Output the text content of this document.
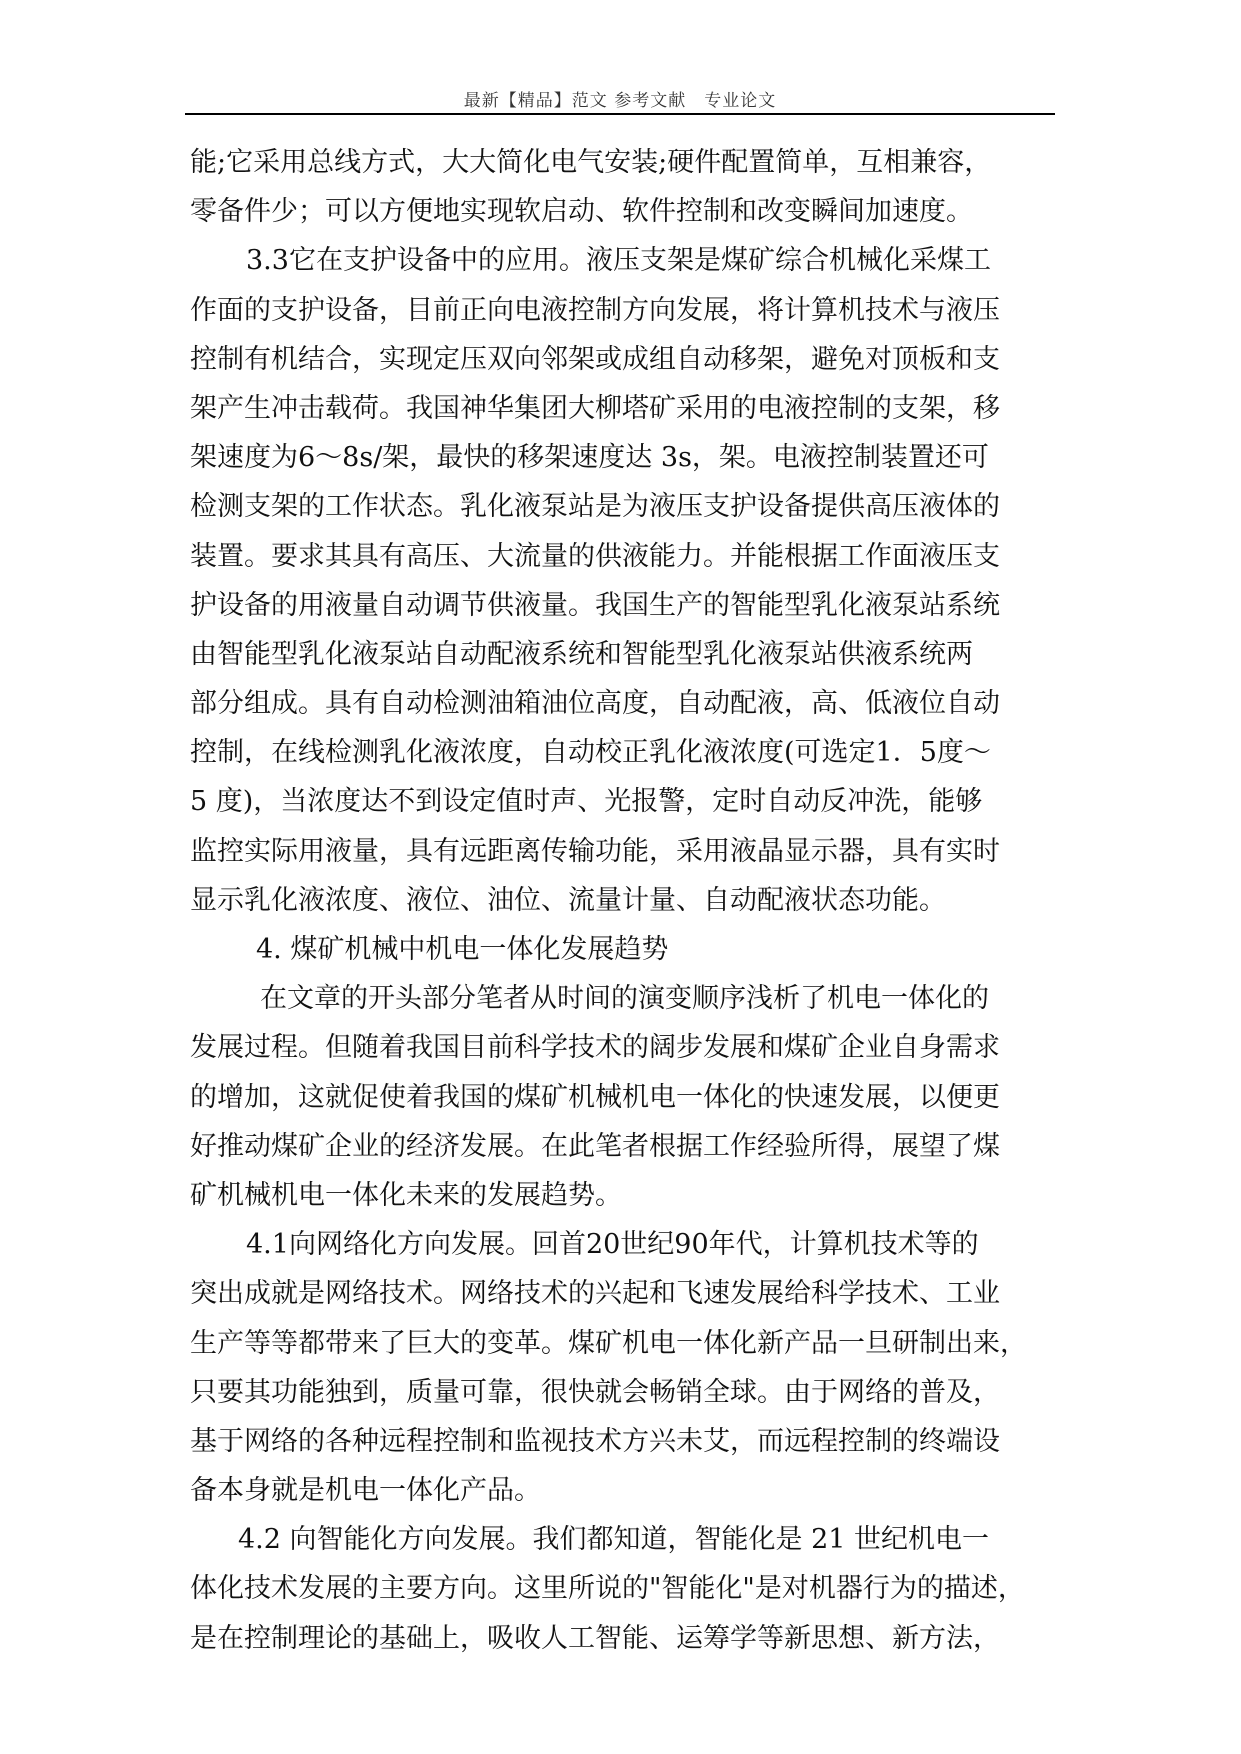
最新【精品】范文 参考文献　专业论文
能;它采用总线方式，大大简化电气安装;硬件配置简单，互相兼容，
零备件少；可以方便地实现软启动、软件控制和改变瞬间加速度。
3.3它在支护设备中的应用。液压支架是煤矿综合机械化采煤工
作面的支护设备，目前正向电液控制方向发展，将计算机技术与液压
控制有机结合，实现定压双向邻架或成组自动移架，避免对顶板和支
架产生冲击载荷。我国神华集团大柳塔矿采用的电液控制的支架，移
架速度为6～8s/架，最快的移架速度达 3s，架。电液控制装置还可
检测支架的工作状态。乳化液泵站是为液压支护设备提供高压液体的
装置。要求其具有高压、大流量的供液能力。并能根据工作面液压支
护设备的用液量自动调节供液量。我国生产的智能型乳化液泵站系统
由智能型乳化液泵站自动配液系统和智能型乳化液泵站供液系统两
部分组成。具有自动检测油箱油位高度，自动配液，高、低液位自动
控制，在线检测乳化液浓度，自动校正乳化液浓度(可选定1．5度～
5 度)，当浓度达不到设定值时声、光报警，定时自动反冲洗，能够
监控实际用液量，具有远距离传输功能，采用液晶显示器，具有实时
显示乳化液浓度、液位、油位、流量计量、自动配液状态功能。
4. 煤矿机械中机电一体化发展趋势
在文章的开头部分笔者从时间的演变顺序浅析了机电一体化的
发展过程。但随着我国目前科学技术的阔步发展和煤矿企业自身需求
的增加，这就促使着我国的煤矿机械机电一体化的快速发展，以便更
好推动煤矿企业的经济发展。在此笔者根据工作经验所得，展望了煤
矿机械机电一体化未来的发展趋势。
4.1向网络化方向发展。回首20世纪90年代，计算机技术等的
突出成就是网络技术。网络技术的兴起和飞速发展给科学技术、工业
生产等等都带来了巨大的变革。煤矿机电一体化新产品一旦研制出来，
只要其功能独到，质量可靠，很快就会畅销全球。由于网络的普及，
基于网络的各种远程控制和监视技术方兴未艾，而远程控制的终端设
备本身就是机电一体化产品。
4.2 向智能化方向发展。我们都知道，智能化是 21 世纪机电一
体化技术发展的主要方向。这里所说的"智能化"是对机器行为的描述，
是在控制理论的基础上，吸收人工智能、运筹学等新思想、新方法，
